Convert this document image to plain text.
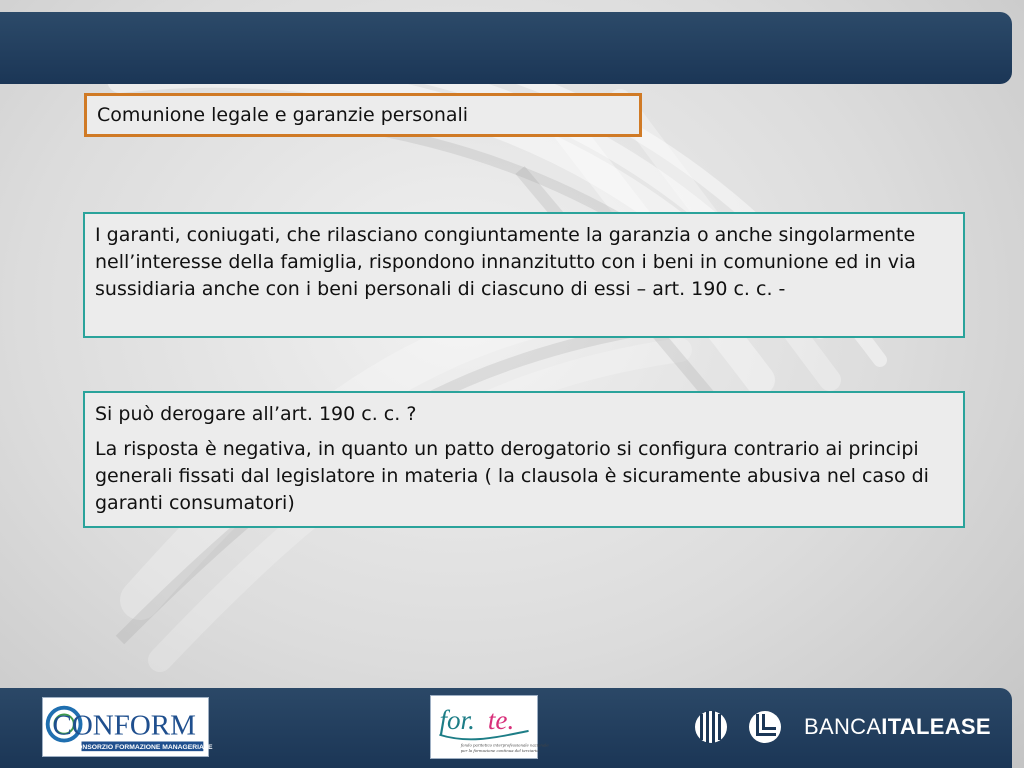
Comunione legale e garanzie personali
I garanti, coniugati, che rilasciano congiuntamente la garanzia o anche singolarmente nell’interesse della famiglia, rispondono innanzitutto con i beni in comunione ed in via sussidiaria anche con i beni personali di ciascuno di essi – art. 190 c. c. -

Si può derogare all’art. 190 c. c. ?

La risposta è negativa, in quanto un patto derogatorio si configura contrario ai principi generali fissati dal legislatore in materia ( la clausola è sicuramente abusiva nel caso di garanti consumatori)

CONFORM
CONSORZIO FORMAZIONE MANAGERIALE
for. te.
fondo paritetico interprofessionale nazionale
per la formazione continua del terziario
BANCAITALEASE
